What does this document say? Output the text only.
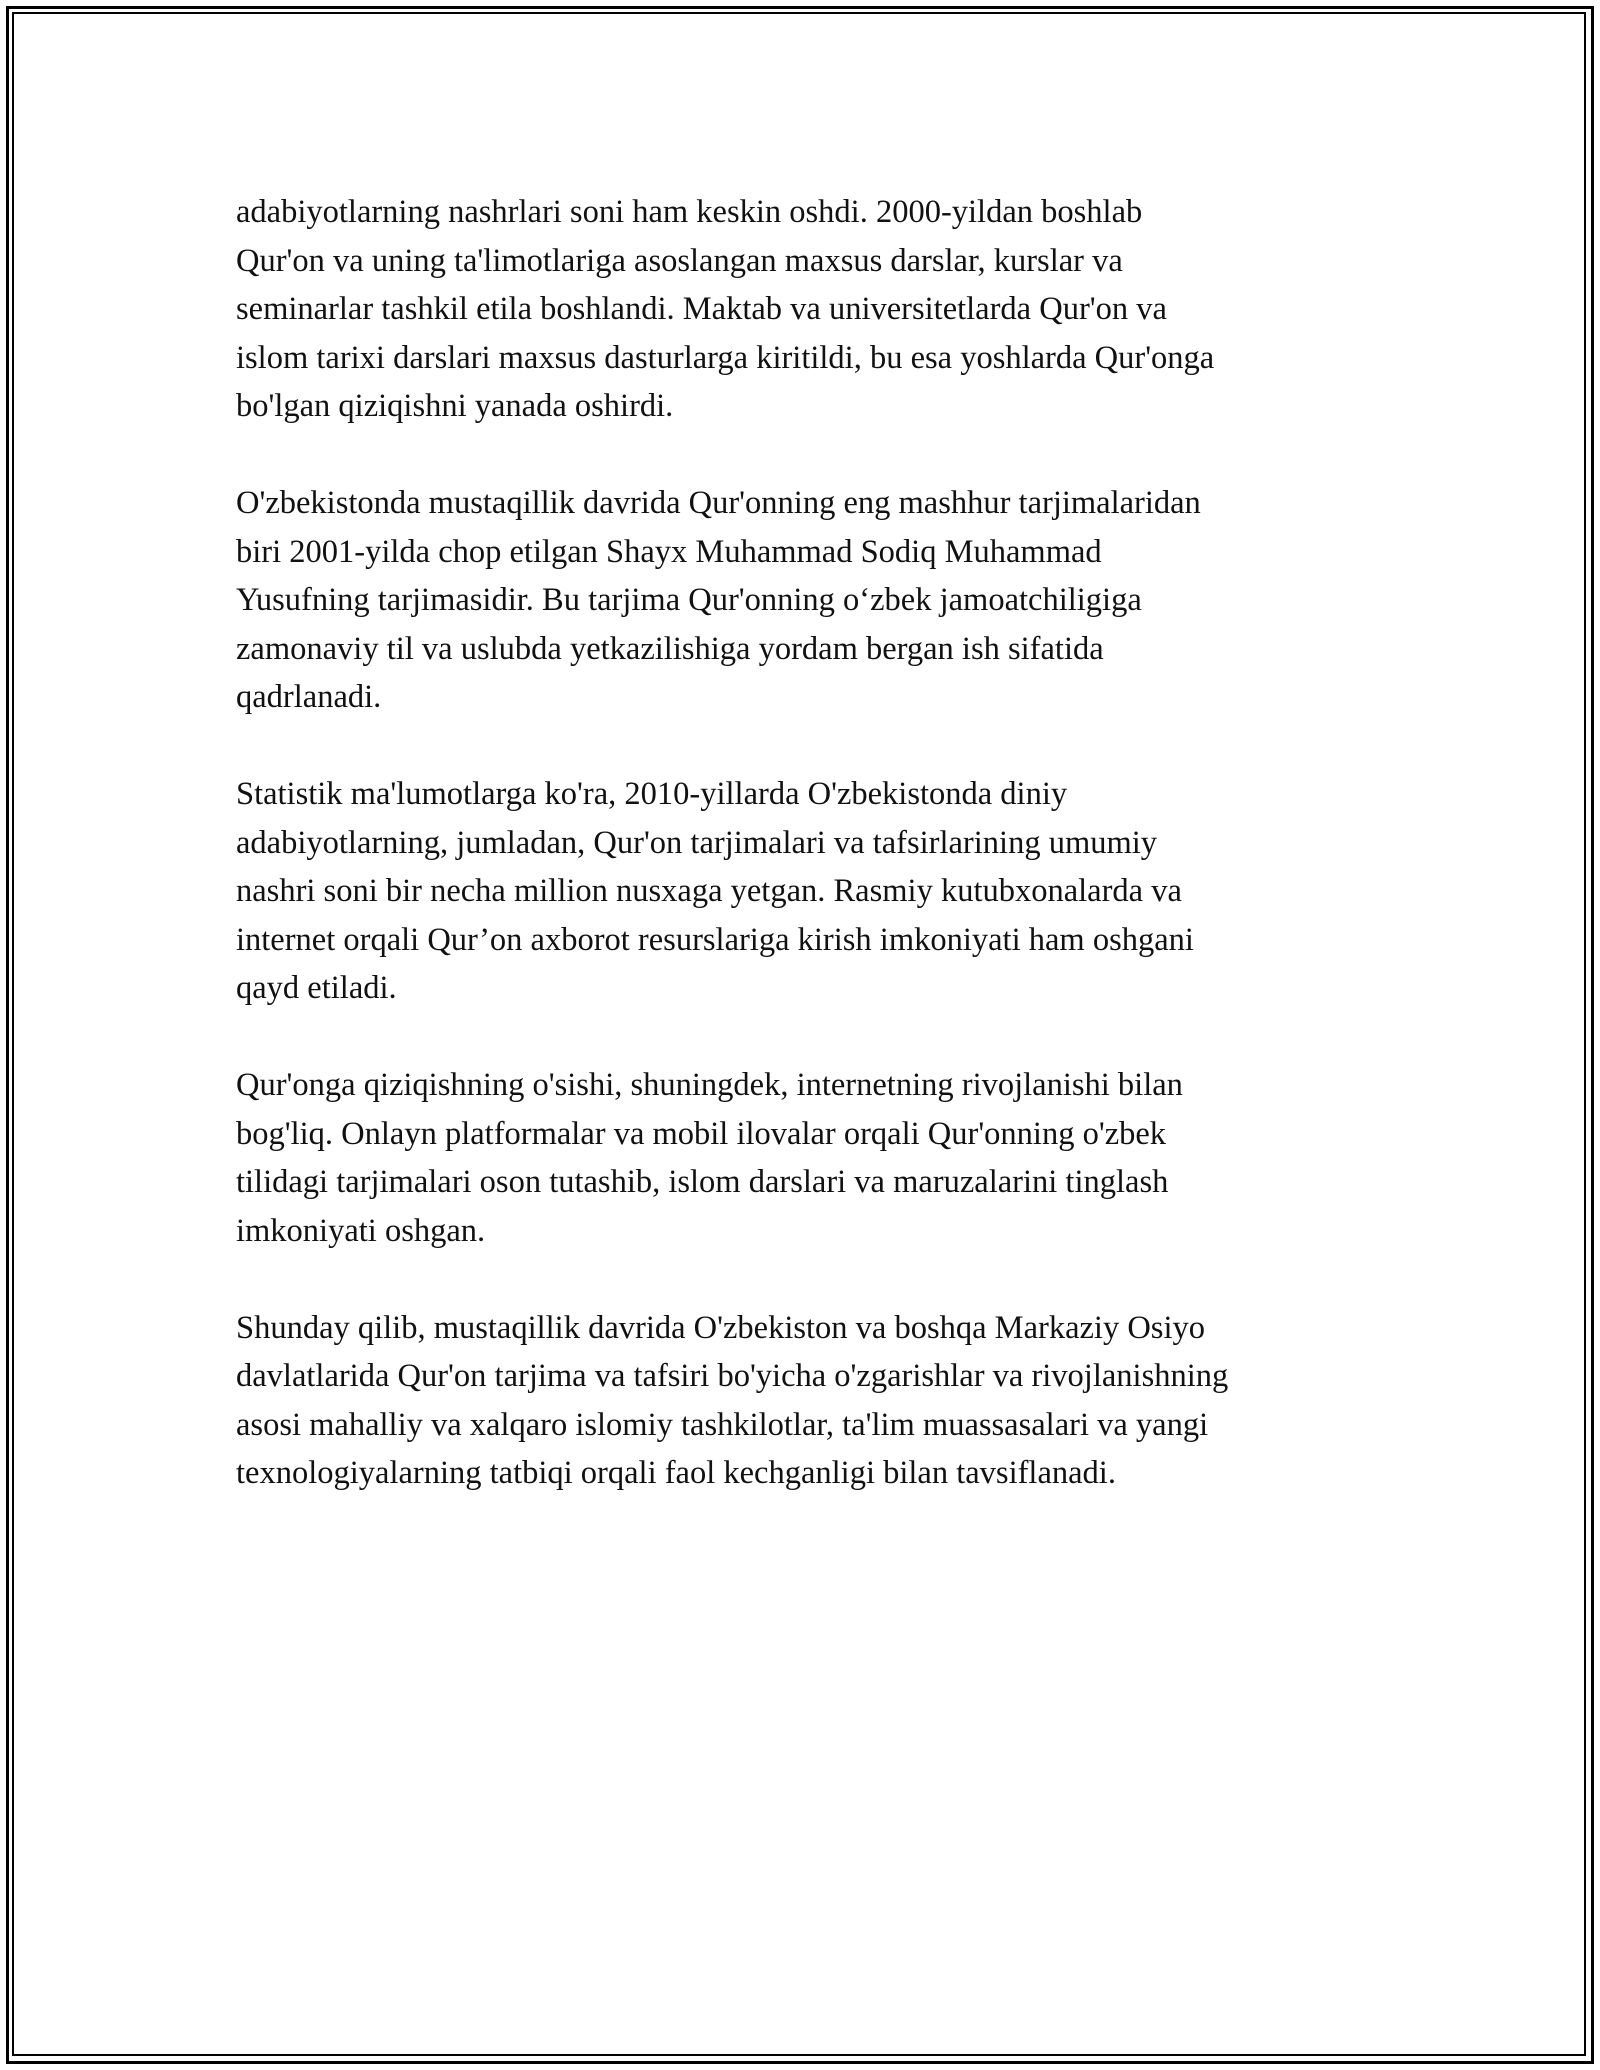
adabiyotlarning nashrlari soni ham keskin oshdi. 2000-yildan boshlab
Qur'on va uning ta'limotlariga asoslangan maxsus darslar, kurslar va
seminarlar tashkil etila boshlandi. Maktab va universitetlarda Qur'on va
islom tarixi darslari maxsus dasturlarga kiritildi, bu esa yoshlarda Qur'onga
bo'lgan qiziqishni yanada oshirdi.

O'zbekistonda mustaqillik davrida Qur'onning eng mashhur tarjimalaridan
biri 2001-yilda chop etilgan Shayx Muhammad Sodiq Muhammad
Yusufning tarjimasidir. Bu tarjima Qur'onning o‘zbek jamoatchiligiga
zamonaviy til va uslubda yetkazilishiga yordam bergan ish sifatida
qadrlanadi.

Statistik ma'lumotlarga ko'ra, 2010-yillarda O'zbekistonda diniy
adabiyotlarning, jumladan, Qur'on tarjimalari va tafsirlarining umumiy
nashri soni bir necha million nusxaga yetgan. Rasmiy kutubxonalarda va
internet orqali Qur’on axborot resurslariga kirish imkoniyati ham oshgani
qayd etiladi.

Qur'onga qiziqishning o'sishi, shuningdek, internetning rivojlanishi bilan
bog'liq. Onlayn platformalar va mobil ilovalar orqali Qur'onning o'zbek
tilidagi tarjimalari oson tutashib, islom darslari va maruzalarini tinglash
imkoniyati oshgan.

Shunday qilib, mustaqillik davrida O'zbekiston va boshqa Markaziy Osiyo
davlatlarida Qur'on tarjima va tafsiri bo'yicha o'zgarishlar va rivojlanishning
asosi mahalliy va xalqaro islomiy tashkilotlar, ta'lim muassasalari va yangi
texnologiyalarning tatbiqi orqali faol kechganligi bilan tavsiflanadi.
